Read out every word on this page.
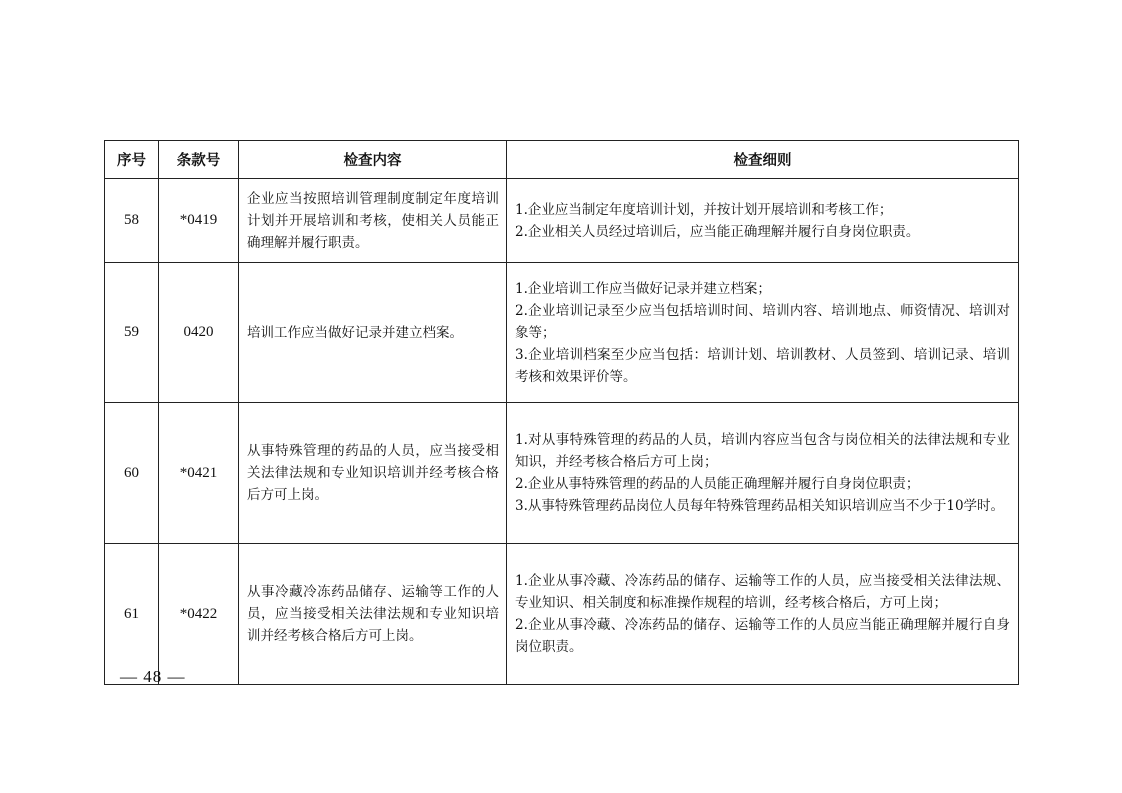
序号	条款号	检查内容	检查细则
58	*0419	企业应当按照培训管理制度制定年度培训计划并开展培训和考核，使相关人员能正确理解并履行职责。	1.企业应当制定年度培训计划，并按计划开展培训和考核工作；
2.企业相关人员经过培训后，应当能正确理解并履行自身岗位职责。

59	0420	培训工作应当做好记录并建立档案。	1.企业培训工作应当做好记录并建立档案；
2.企业培训记录至少应当包括培训时间、培训内容、培训地点、师资情况、培训对象等；
3.企业培训档案至少应当包括：培训计划、培训教材、人员签到、培训记录、培训考核和效果评价等。

60	*0421	从事特殊管理的药品的人员，应当接受相关法律法规和专业知识培训并经考核合格后方可上岗。	1.对从事特殊管理的药品的人员，培训内容应当包含与岗位相关的法律法规和专业知识，并经考核合格后方可上岗；
2.企业从事特殊管理的药品的人员能正确理解并履行自身岗位职责；
3.从事特殊管理药品岗位人员每年特殊管理药品相关知识培训应当不少于10学时。

61	*0422	从事冷藏冷冻药品储存、运输等工作的人员，应当接受相关法律法规和专业知识培训并经考核合格后方可上岗。	1.企业从事冷藏、冷冻药品的储存、运输等工作的人员，应当接受相关法律法规、专业知识、相关制度和标准操作规程的培训，经考核合格后，方可上岗；
2.企业从事冷藏、冷冻药品的储存、运输等工作的人员应当能正确理解并履行自身岗位职责。
— 48 —
